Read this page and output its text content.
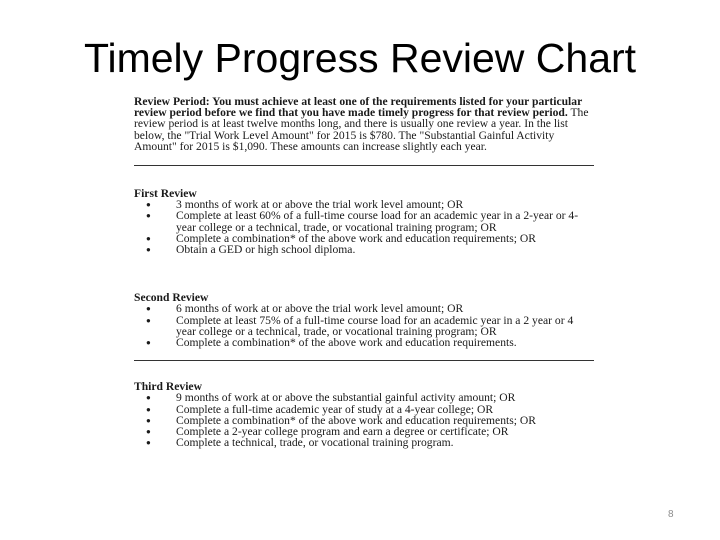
Timely Progress Review Chart

Review Period: You must achieve at least one of the requirements listed for your particular review period before we find that you have made timely progress for that review period. The review period is at least twelve months long, and there is usually one review a year. In the list below, the "Trial Work Level Amount" for 2015 is $780. The "Substantial Gainful Activity Amount" for 2015 is $1,090. These amounts can increase slightly each year.

First Review
● 3 months of work at or above the trial work level amount; OR
● Complete at least 60% of a full-time course load for an academic year in a 2-year or 4-year college or a technical, trade, or vocational training program; OR
● Complete a combination* of the above work and education requirements; OR
● Obtain a GED or high school diploma.
Second Review
● 6 months of work at or above the trial work level amount; OR
● Complete at least 75% of a full-time course load for an academic year in a 2 year or 4 year college or a technical, trade, or vocational training program; OR
● Complete a combination* of the above work and education requirements.
Third Review
● 9 months of work at or above the substantial gainful activity amount; OR
● Complete a full-time academic year of study at a 4-year college; OR
● Complete a combination* of the above work and education requirements; OR
● Complete a 2-year college program and earn a degree or certificate; OR
● Complete a technical, trade, or vocational training program.
8
